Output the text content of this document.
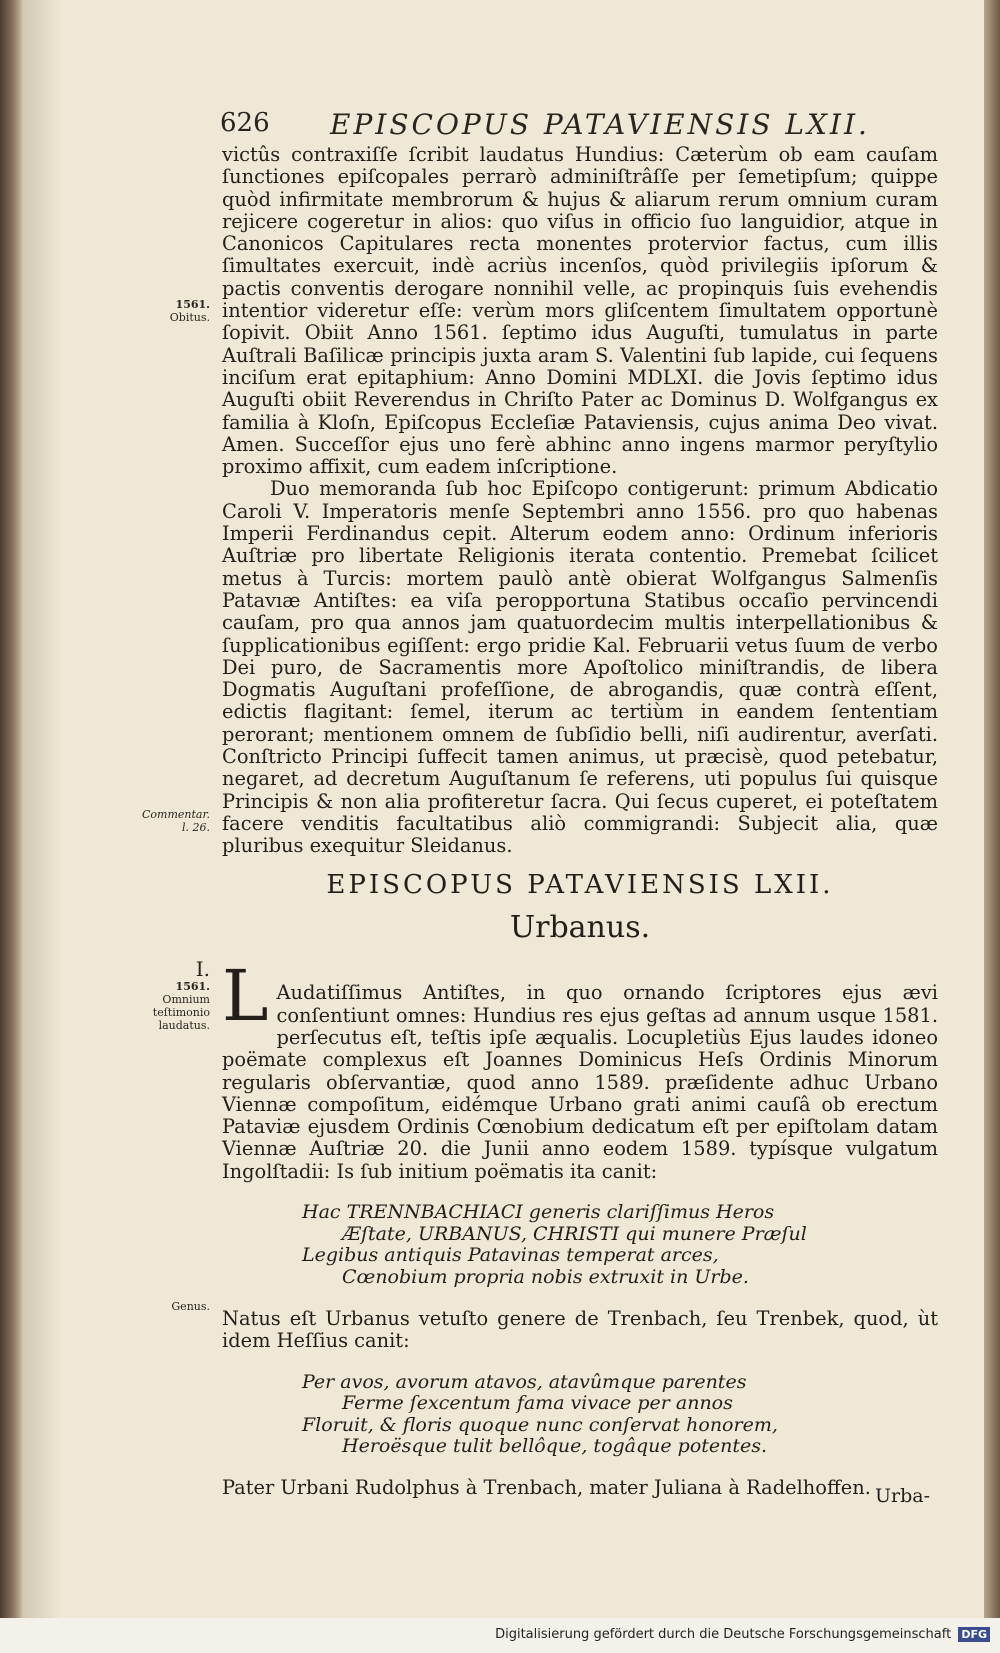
626 EPISCOPUS PATAVIENSIS LXII.

victûs contraxiſſe ſcribit laudatus Hundius: Cæterùm ob eam cauſam ſunctiones epiſcopales perrarò adminiſtrâſſe per ſemetipſum; quippe quòd infirmitate membrorum & hujus & aliarum rerum omnium curam rejicere cogeretur in alios: quo viſus in officio ſuo languidior, atque in Canonicos Capitulares recta monentes protervior factus, cum illis ſimultates exercuit, indè acriùs incenſos, quòd privilegiis ipſorum & pactis conventis derogare nonnihil velle, ac propinquis ſuis evehendis intentior videretur eſſe: verùm mors gliſcentem ſimultatem opportunè ſopivit. Obiit Anno 1561. ſeptimo idus Auguſti, tumulatus in parte Auſtrali Baſilicæ principis juxta aram S. Valentini ſub lapide, cui ſequens inciſum erat epitaphium: Anno Domini MDLXI. die Jovis ſeptimo idus Auguſti obiit Reverendus in Chriſto Pater ac Dominus D. Wolfgangus ex familia à Kloſn, Epiſcopus Eccleſiæ Pataviensis, cujus anima Deo vivat. Amen. Succeſſor ejus uno ferè abhinc anno ingens marmor peryſtylio proximo affixit, cum eadem inſcriptione.

Duo memoranda ſub hoc Epiſcopo contigerunt: primum Abdicatio Caroli V. Imperatoris menſe Septembri anno 1556. pro quo habenas Imperii Ferdinandus cepit. Alterum eodem anno: Ordinum inferioris Auſtriæ pro libertate Religionis iterata contentio. Premebat ſcilicet metus à Turcis: mortem paulò antè obierat Wolfgangus Salmenſis Patavıæ Antiſtes: ea viſa peropportuna Statibus occaſio pervincendi cauſam, pro qua annos jam quatuordecim multis interpellationibus & ſupplicationibus egiſſent: ergo pridie Kal. Februarii vetus ſuum de verbo Dei puro, de Sacramentis more Apoſtolico miniſtrandis, de libera Dogmatis Auguſtani profeſſione, de abrogandis, quæ contrà eſſent, edictis flagitant: ſemel, iterum ac tertiùm in eandem ſententiam perorant; mentionem omnem de ſubſidio belli, niſi audirentur, averſati. Conſtricto Principi ſuffecit tamen animus, ut præcisè, quod petebatur, negaret, ad decretum Auguſtanum ſe referens, uti populus ſui quisque Principis & non alia profiteretur ſacra. Qui ſecus cuperet, ei poteſtatem facere venditis facultatibus aliò commigrandi: Subjecit alia, quæ pluribus exequitur Sleidanus.

1561.
Obitus.
Commentar.
l. 26.
EPISCOPUS PATAVIENSIS LXII.
Urbanus.
I.
1561.
Omnium teſtimonio laudatus. L Audatiſſimus Antiſtes, in quo ornando ſcriptores ejus ævi conſentiunt omnes: Hundius res ejus geſtas ad annum usque 1581. perſecutus eſt, teſtis ipſe æqualis. Locupletiùs Ejus laudes idoneo poëmate complexus eſt Joannes Dominicus Heſs Ordinis Minorum regularis obſervantiæ, quod anno 1589. præſidente adhuc Urbano Viennæ compoſitum, eidémque Urbano grati animi cauſâ ob erectum Pataviæ ejusdem Ordinis Cœnobium dedicatum eſt per epiſtolam datam Viennæ Auſtriæ 20. die Junii anno eodem 1589. typísque vulgatum Ingolſtadii: Is ſub initium poëmatis ita canit:

Hac TRENNBACHIACI generis clariſſimus Heros
Æſtate, URBANUS, CHRISTI qui munere Præſul
Legibus antiquis Patavinas temperat arces,
Cœnobium propria nobis extruxit in Urbe.

Natus eſt Urbanus vetuſto genere de Trenbach, ſeu Trenbek, quod, ùt idem Heſſius canit:

Per avos, avorum atavos, atavûmque parentes
Ferme ſexcentum fama vivace per annos
Floruit, & floris quoque nunc conſervat honorem,
Heroësque tulit bellôque, togâque potentes.

Pater Urbani Rudolphus à Trenbach, mater Juliana à Radelhoffen.

Genus.
Urba-
Digitalisierung gefördert durch die Deutsche Forschungsgemeinschaft DFG
